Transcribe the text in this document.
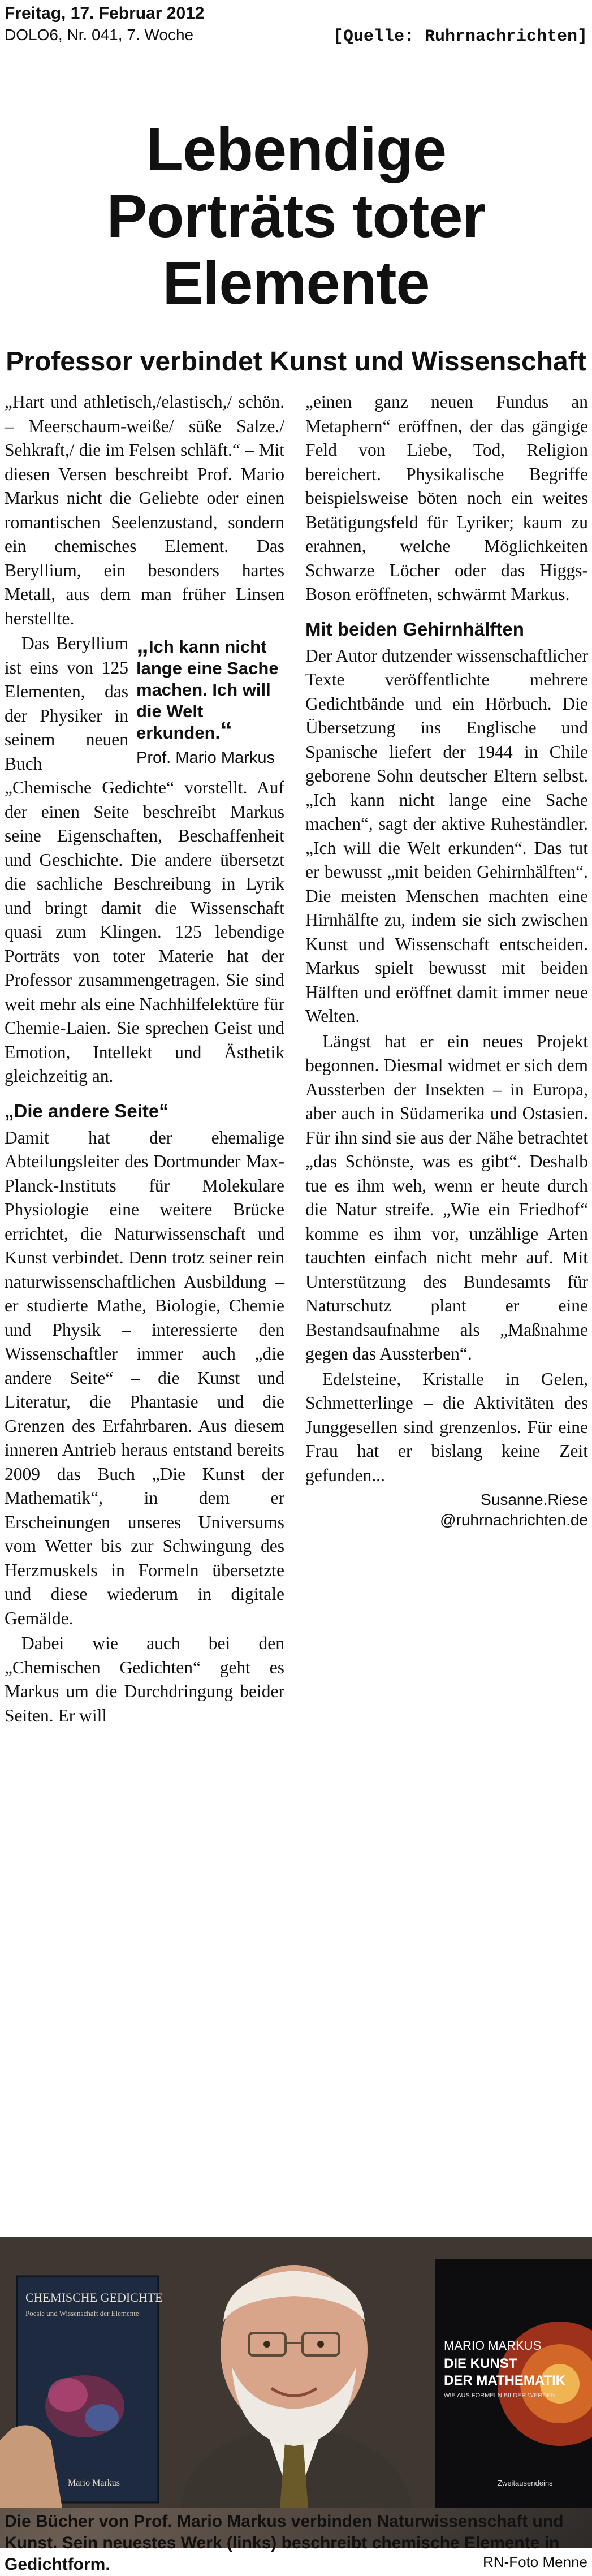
Freitag, 17. Februar 2012

DOLO6, Nr. 041, 7. Woche	[Quelle: Ruhrnachrichten]
Lebendige
Porträts toter
Elemente
Professor verbindet Kunst und Wissenschaft

„Hart und athletisch,/elastisch,/ schön. – Meerschaum-weiße/ süße Salze./ Sehkraft,/ die im Felsen schläft.“ – Mit diesen Versen beschreibt Prof. Mario Markus nicht die Geliebte oder einen romantischen Seelenzustand, sondern ein chemisches Element. Das Beryllium, ein besonders hartes Metall, aus dem man früher Linsen herstellte.

„Ich kann nicht lange eine Sache machen. Ich will die Welt erkunden.“
Prof. Mario Markus

Das Beryllium ist eins von 125 Elementen, das der Physiker in seinem neuen Buch „Chemische Gedichte“ vorstellt. Auf der einen Seite beschreibt Markus seine Eigenschaften, Beschaffenheit und Geschichte. Die andere übersetzt die sachliche Beschreibung in Lyrik und bringt damit die Wissenschaft quasi zum Klingen. 125 lebendige Porträts von toter Materie hat der Professor zusammengetragen. Sie sind weit mehr als eine Nachhilfelektüre für Chemie-Laien. Sie sprechen Geist und Emotion, Intellekt und Ästhetik gleichzeitig an.

„Die andere Seite“

Damit hat der ehemalige Abteilungsleiter des Dortmunder Max-Planck-Instituts für Molekulare Physiologie eine weitere Brücke errichtet, die Naturwissenschaft und Kunst verbindet. Denn trotz seiner rein naturwissenschaftlichen Ausbildung – er studierte Mathe, Biologie, Chemie und Physik – interessierte den Wissenschaftler immer auch „die andere Seite“ – die Kunst und Literatur, die Phantasie und die Grenzen des Erfahrbaren. Aus diesem inneren Antrieb heraus entstand bereits 2009 das Buch „Die Kunst der Mathematik“, in dem er Erscheinungen unseres Universums vom Wetter bis zur Schwingung des Herzmuskels in Formeln übersetzte und diese wiederum in digitale Gemälde.

Dabei wie auch bei den „Chemischen Gedichten“ geht es Markus um die Durchdringung beider Seiten. Er will

„einen ganz neuen Fundus an Metaphern“ eröffnen, der das gängige Feld von Liebe, Tod, Religion bereichert. Physikalische Begriffe beispielsweise böten noch ein weites Betätigungsfeld für Lyriker; kaum zu erahnen, welche Möglichkeiten Schwarze Löcher oder das Higgs-Boson eröffneten, schwärmt Markus.

Mit beiden Gehirnhälften

Der Autor dutzender wissenschaftlicher Texte veröffentlichte mehrere Gedichtbände und ein Hörbuch. Die Übersetzung ins Englische und Spanische liefert der 1944 in Chile geborene Sohn deutscher Eltern selbst. „Ich kann nicht lange eine Sache machen“, sagt der aktive Ruheständler. „Ich will die Welt erkunden“. Das tut er bewusst „mit beiden Gehirnhälften“. Die meisten Menschen machten eine Hirnhälfte zu, indem sie sich zwischen Kunst und Wissenschaft entscheiden. Markus spielt bewusst mit beiden Hälften und eröffnet damit immer neue Welten.

Längst hat er ein neues Projekt begonnen. Diesmal widmet er sich dem Aussterben der Insekten – in Europa, aber auch in Südamerika und Ostasien. Für ihn sind sie aus der Nähe betrachtet „das Schönste, was es gibt“. Deshalb tue es ihm weh, wenn er heute durch die Natur streife. „Wie ein Friedhof“ komme es ihm vor, unzählige Arten tauchten einfach nicht mehr auf. Mit Unterstützung des Bundesamts für Naturschutz plant er eine Bestandsaufnahme als „Maßnahme gegen das Aussterben“.

Edelsteine, Kristalle in Gelen, Schmetterlinge – die Aktivitäten des Junggesellen sind grenzenlos. Für eine Frau hat er bislang keine Zeit gefunden...

Susanne.Riese
@ruhrnachrichten.de
CHEMISCHE GEDICHTE
Poesie und Wissenschaft der Elemente
Mario Markus
MARIO MARKUS
DIE KUNST
DER MATHEMATIK
WIE AUS FORMELN BILDER WERDEN
Zweitausendeins
Die Bücher von Prof. Mario Markus verbinden Naturwissenschaft und Kunst. Sein neuestes Werk (links) beschreibt chemische Elemente in Gedichtform.	RN-Foto Menne
